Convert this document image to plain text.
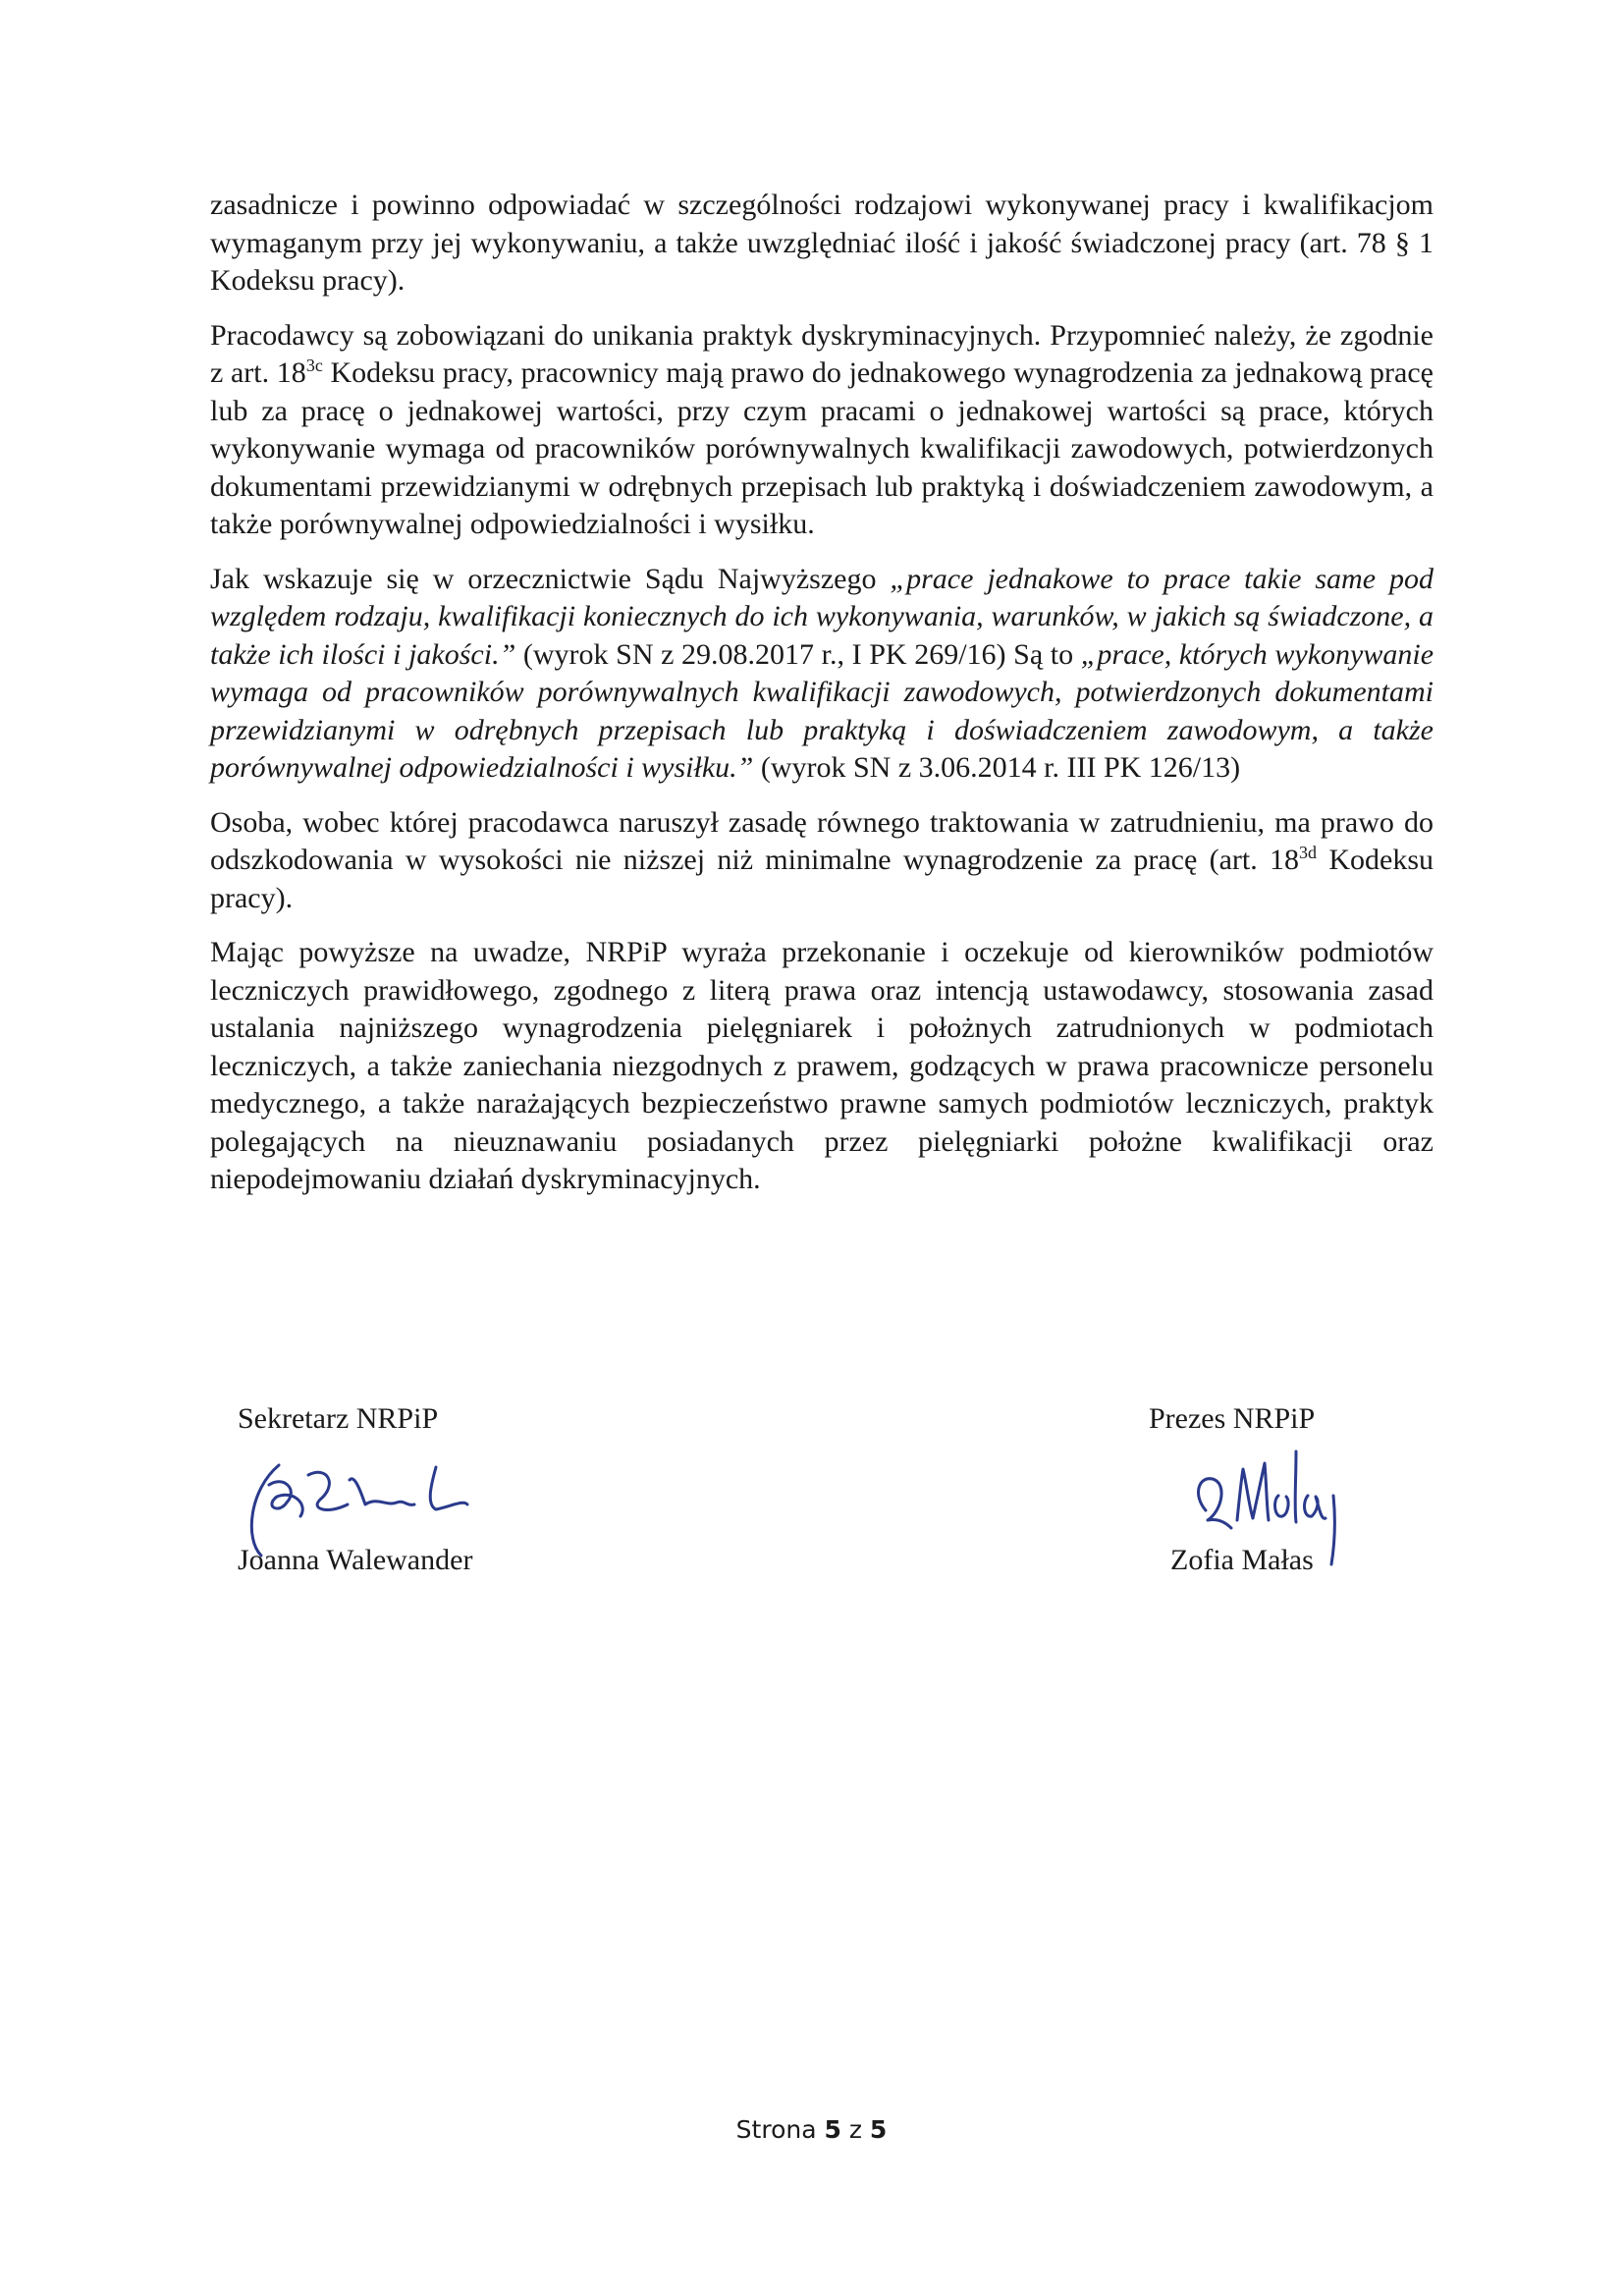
zasadnicze i powinno odpowiadać w szczególności rodzajowi wykonywanej pracy i kwalifikacjom wymaganym przy jej wykonywaniu, a także uwzględniać ilość i jakość świadczonej pracy (art. 78 § 1 Kodeksu pracy).

Pracodawcy są zobowiązani do unikania praktyk dyskryminacyjnych. Przypomnieć należy, że zgodnie z art. $18^{3c}$ Kodeksu pracy, pracownicy mają prawo do jednakowego wynagrodzenia za jednakową pracę lub za pracę o jednakowej wartości, przy czym pracami o jednakowej wartości są prace, których wykonywanie wymaga od pracowników porównywalnych kwalifikacji zawodowych, potwierdzonych dokumentami przewidzianymi w odrębnych przepisach lub praktyką i doświadczeniem zawodowym, a także porównywalnej odpowiedzialności i wysiłku.

Jak wskazuje się w orzecznictwie Sądu Najwyższego „prace jednakowe to prace takie same pod względem rodzaju, kwalifikacji koniecznych do ich wykonywania, warunków, w jakich są świadczone, a także ich ilości i jakości.” (wyrok SN z 29.08.2017 r., I PK 269/16) Są to „prace, których wykonywanie wymaga od pracowników porównywalnych kwalifikacji zawodowych, potwierdzonych dokumentami przewidzianymi w odrębnych przepisach lub praktyką i doświadczeniem zawodowym, a także porównywalnej odpowiedzialności i wysiłku.” (wyrok SN z 3.06.2014 r. III PK 126/13)

Osoba, wobec której pracodawca naruszył zasadę równego traktowania w zatrudnieniu, ma prawo do odszkodowania w wysokości nie niższej niż minimalne wynagrodzenie za pracę (art. $18^{3d}$ Kodeksu pracy).

Mając powyższe na uwadze, NRPiP wyraża przekonanie i oczekuje od kierowników podmiotów leczniczych prawidłowego, zgodnego z literą prawa oraz intencją ustawodawcy, stosowania zasad ustalania najniższego wynagrodzenia pielęgniarek i położnych zatrudnionych w podmiotach leczniczych, a także zaniechania niezgodnych z prawem, godzących w prawa pracownicze personelu medycznego, a także narażających bezpieczeństwo prawne samych podmiotów leczniczych, praktyk polegających na nieuznawaniu posiadanych przez pielęgniarki położne kwalifikacji oraz niepodejmowaniu działań dyskryminacyjnych.

Sekretarz NRPiP
Joanna Walewander
Prezes NRPiP
Zofia Małas
Strona 5 z 5
